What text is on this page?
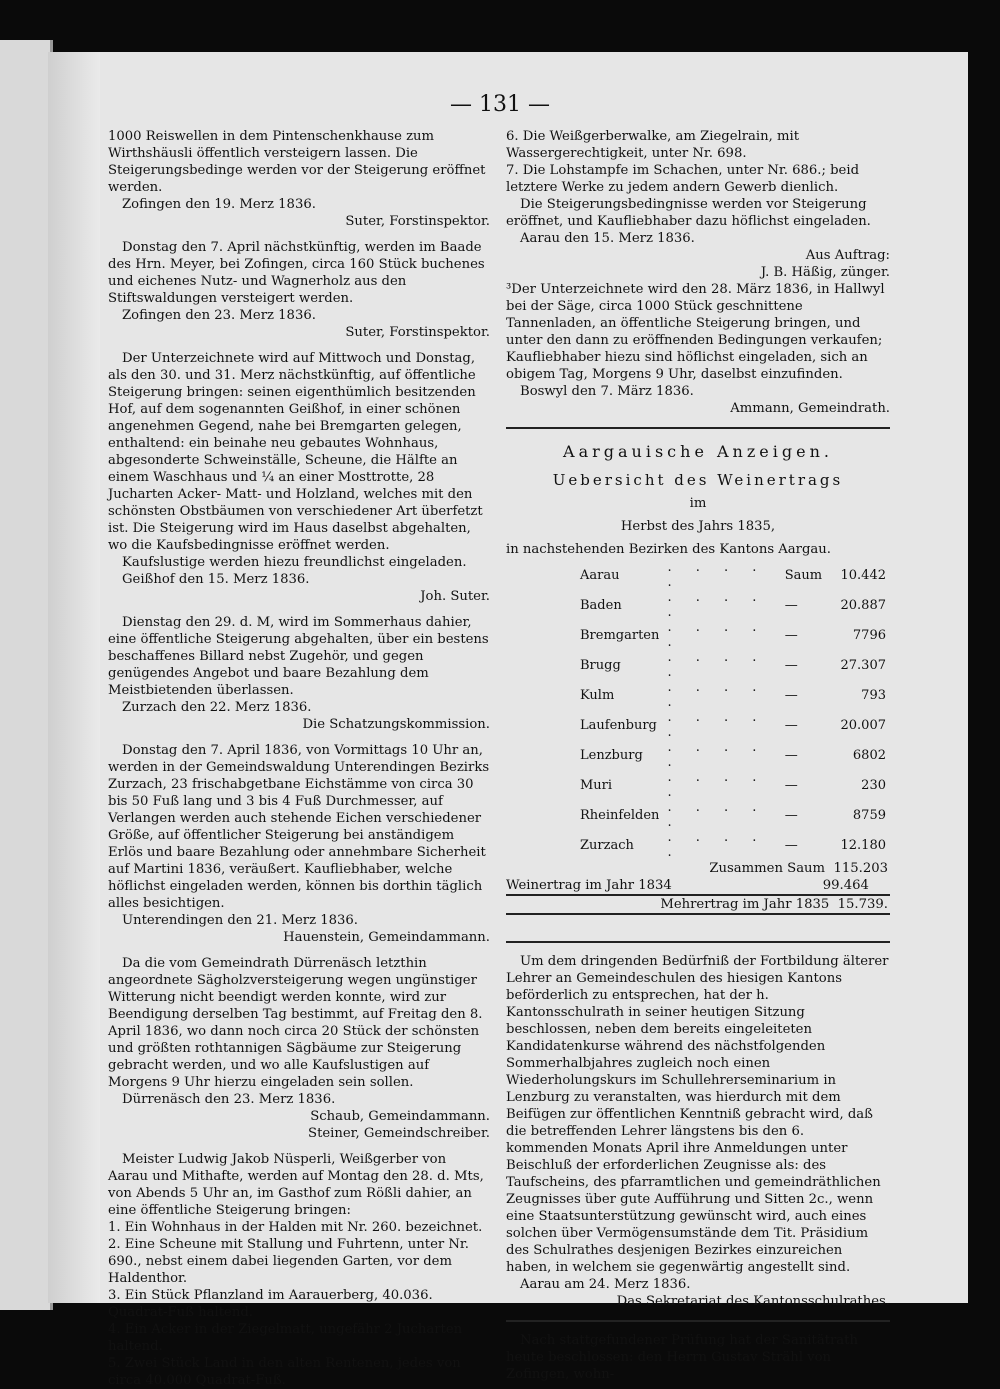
— 131 —

1000 Reiswellen in dem Pintenschenkhause zum Wirthshäusli öffentlich versteigern lassen. Die Steigerungsbedinge werden vor der Steigerung eröffnet werden.

Zofingen den 19. Merz 1836.

Suter, Forstinspektor.

Donstag den 7. April nächstkünftig, werden im Baade des Hrn. Meyer, bei Zofingen, circa 160 Stück buchenes und eichenes Nutz- und Wagnerholz aus den Stiftswaldungen versteigert werden.

Zofingen den 23. Merz 1836.

Suter, Forstinspektor.

Der Unterzeichnete wird auf Mittwoch und Donstag, als den 30. und 31. Merz nächstkünftig, auf öffentliche Steigerung bringen: seinen eigenthümlich besitzenden Hof, auf dem sogenannten Geißhof, in einer schönen angenehmen Gegend, nahe bei Bremgarten gelegen, enthaltend: ein beinahe neu gebautes Wohnhaus, abgesonderte Schweinställe, Scheune, die Hälfte an einem Waschhaus und ¼ an einer Mosttrotte, 28 Jucharten Acker- Matt- und Holzland, welches mit den schönsten Obstbäumen von verschiedener Art überfetzt ist. Die Steigerung wird im Haus daselbst abgehalten, wo die Kaufsbedingnisse eröffnet werden.

Kaufslustige werden hiezu freundlichst eingeladen.

Geißhof den 15. Merz 1836.

Joh. Suter.

Dienstag den 29. d. M, wird im Sommerhaus dahier, eine öffentliche Steigerung abgehalten, über ein bestens beschaffenes Billard nebst Zugehör, und gegen genügendes Angebot und baare Bezahlung dem Meistbietenden überlassen.

Zurzach den 22. Merz 1836.

Die Schatzungskommission.

Donstag den 7. April 1836, von Vormittags 10 Uhr an, werden in der Gemeindswaldung Unterendingen Bezirks Zurzach, 23 frischabgetbane Eichstämme von circa 30 bis 50 Fuß lang und 3 bis 4 Fuß Durchmesser, auf Verlangen werden auch stehende Eichen verschiedener Größe, auf öffentlicher Steigerung bei anständigem Erlös und baare Bezahlung oder annehmbare Sicherheit auf Martini 1836, veräußert. Kaufliebhaber, welche höflichst eingeladen werden, können bis dorthin täglich alles besichtigen.

Unterendingen den 21. Merz 1836.

Hauenstein, Gemeindammann.

Da die vom Gemeindrath Dürrenäsch letzthin angeordnete Sägholzversteigerung wegen ungünstiger Witterung nicht beendigt werden konnte, wird zur Beendigung derselben Tag bestimmt, auf Freitag den 8. April 1836, wo dann noch circa 20 Stück der schönsten und größten rothtannigen Sägbäume zur Steigerung gebracht werden, und wo alle Kaufslustigen auf Morgens 9 Uhr hierzu eingeladen sein sollen.

Dürrenäsch den 23. Merz 1836.

Schaub, Gemeindammann.

Steiner, Gemeindschreiber.

Meister Ludwig Jakob Nüsperli, Weißgerber von Aarau und Mithafte, werden auf Montag den 28. d. Mts, von Abends 5 Uhr an, im Gasthof zum Rößli dahier, an eine öffentliche Steigerung bringen:

1. Ein Wohnhaus in der Halden mit Nr. 260. bezeichnet.

2. Eine Scheune mit Stallung und Fuhrtenn, unter Nr. 690., nebst einem dabei liegenden Garten, vor dem Haldenthor.

3. Ein Stück Pflanzland im Aarauerberg, 40.036. Quadrat-Fuß haltend.

4. Ein Acker in der Ziegelmatt, ungefähr 2 Jucharten haltend.

5. Zwei Stück Land in den alten Rentenen, jedes von circa 40.000 Quadrat-Fuß.

6. Die Weißgerberwalke, am Ziegelrain, mit Wassergerechtigkeit, unter Nr. 698.

7. Die Lohstampfe im Schachen, unter Nr. 686.; beid letztere Werke zu jedem andern Gewerb dienlich.

Die Steigerungsbedingnisse werden vor Steigerung eröffnet, und Kaufliebhaber dazu höflichst eingeladen.

Aarau den 15. Merz 1836.

Aus Auftrag:

J. B. Häßig, zünger.

³Der Unterzeichnete wird den 28. März 1836, in Hallwyl bei der Säge, circa 1000 Stück geschnittene Tannenladen, an öffentliche Steigerung bringen, und unter den dann zu eröffnenden Bedingungen verkaufen; Kaufliebhaber hiezu sind höflichst eingeladen, sich an obigem Tag, Morgens 9 Uhr, daselbst einzufinden.

Boswyl den 7. März 1836.

Ammann, Gemeindrath.

Aargauische Anzeigen.
Uebersicht des Weinertrags
im
Herbst des Jahrs 1835,

in nachstehenden Bezirken des Kantons Aargau.

Aarau	. . . . .	Saum	10.442
Baden	. . . . .	—	20.887
Bremgarten	. . . . .	—	7796
Brugg	. . . . .	—	27.307
Kulm	. . . . .	—	793
Laufenburg	. . . . .	—	20.007
Lenzburg	. . . . .	—	6802
Muri	. . . . .	—	230
Rheinfelden	. . . . .	—	8759
Zurzach	. . . . .	—	12.180

Zusammen Saum 115.203

Weinertrag im Jahr 1834	99.464

Mehrertrag im Jahr 1835 15.739.

Um dem dringenden Bedürfniß der Fortbildung älterer Lehrer an Gemeindeschulen des hiesigen Kantons beförderlich zu entsprechen, hat der h. Kantonsschulrath in seiner heutigen Sitzung beschlossen, neben dem bereits eingeleiteten Kandidatenkurse während des nächstfolgenden Sommerhalbjahres zugleich noch einen Wiederholungskurs im Schullehrerseminarium in Lenzburg zu veranstalten, was hierdurch mit dem Beifügen zur öffentlichen Kenntniß gebracht wird, daß die betreffenden Lehrer längstens bis den 6. kommenden Monats April ihre Anmeldungen unter Beischluß der erforderlichen Zeugnisse als: des Taufscheins, des pfarramtlichen und gemeindräthlichen Zeugnisses über gute Aufführung und Sitten 2c., wenn eine Staatsunterstützung gewünscht wird, auch eines solchen über Vermögensumstände dem Tit. Präsidium des Schulrathes desjenigen Bezirkes einzureichen haben, in welchem sie gegenwärtig angestellt sind.

Aarau am 24. Merz 1836.

Das Sekretariat des Kantonsschulrathes.

Nach stattgefundener Prüfung hat der Sanitätrath heute beschlossen: den Herrn Gustav Strähl von Zofingen, wohn-
